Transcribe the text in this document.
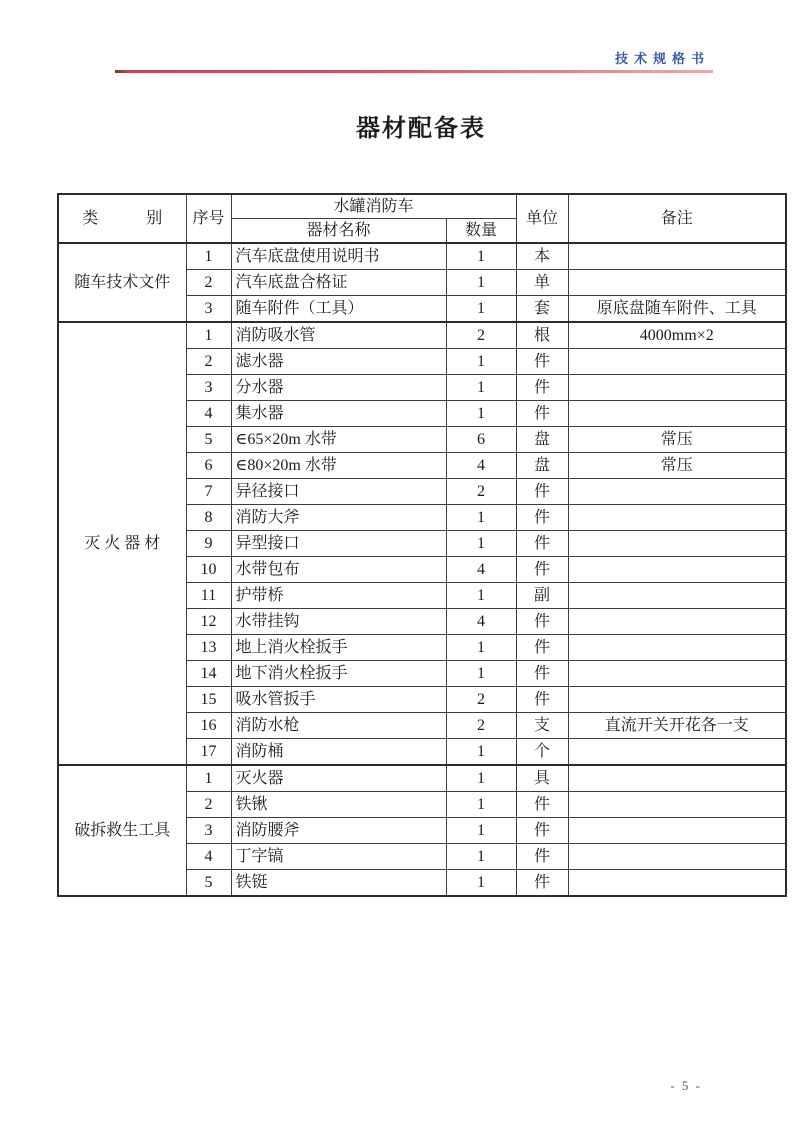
技术规格书
器材配备表
类　　　别	序号	水罐消防车		单位	备注
		器材名称	数量		
随车技术文件	1	汽车底盘使用说明书	1	本	
	2	汽车底盘合格证	1	单	
	3	随车附件（工具）	1	套	原底盘随车附件、工具
灭 火 器 材	1	消防吸水管	2	根	4000mm×2
	2	滤水器	1	件	
	3	分水器	1	件	
	4	集水器	1	件	
	5	∈65×20m 水带	6	盘	常压
	6	∈80×20m 水带	4	盘	常压
	7	异径接口	2	件	
	8	消防大斧	1	件	
	9	异型接口	1	件	
	10	水带包布	4	件	
	11	护带桥	1	副	
	12	水带挂钩	4	件	
	13	地上消火栓扳手	1	件	
	14	地下消火栓扳手	1	件	
	15	吸水管扳手	2	件	
	16	消防水枪	2	支	直流开关开花各一支
	17	消防桶	1	个	
破拆救生工具	1	灭火器	1	具	
	2	铁锹	1	件	
	3	消防腰斧	1	件	
	4	丁字镐	1	件	
	5	铁铤	1	件	
- 5 -
